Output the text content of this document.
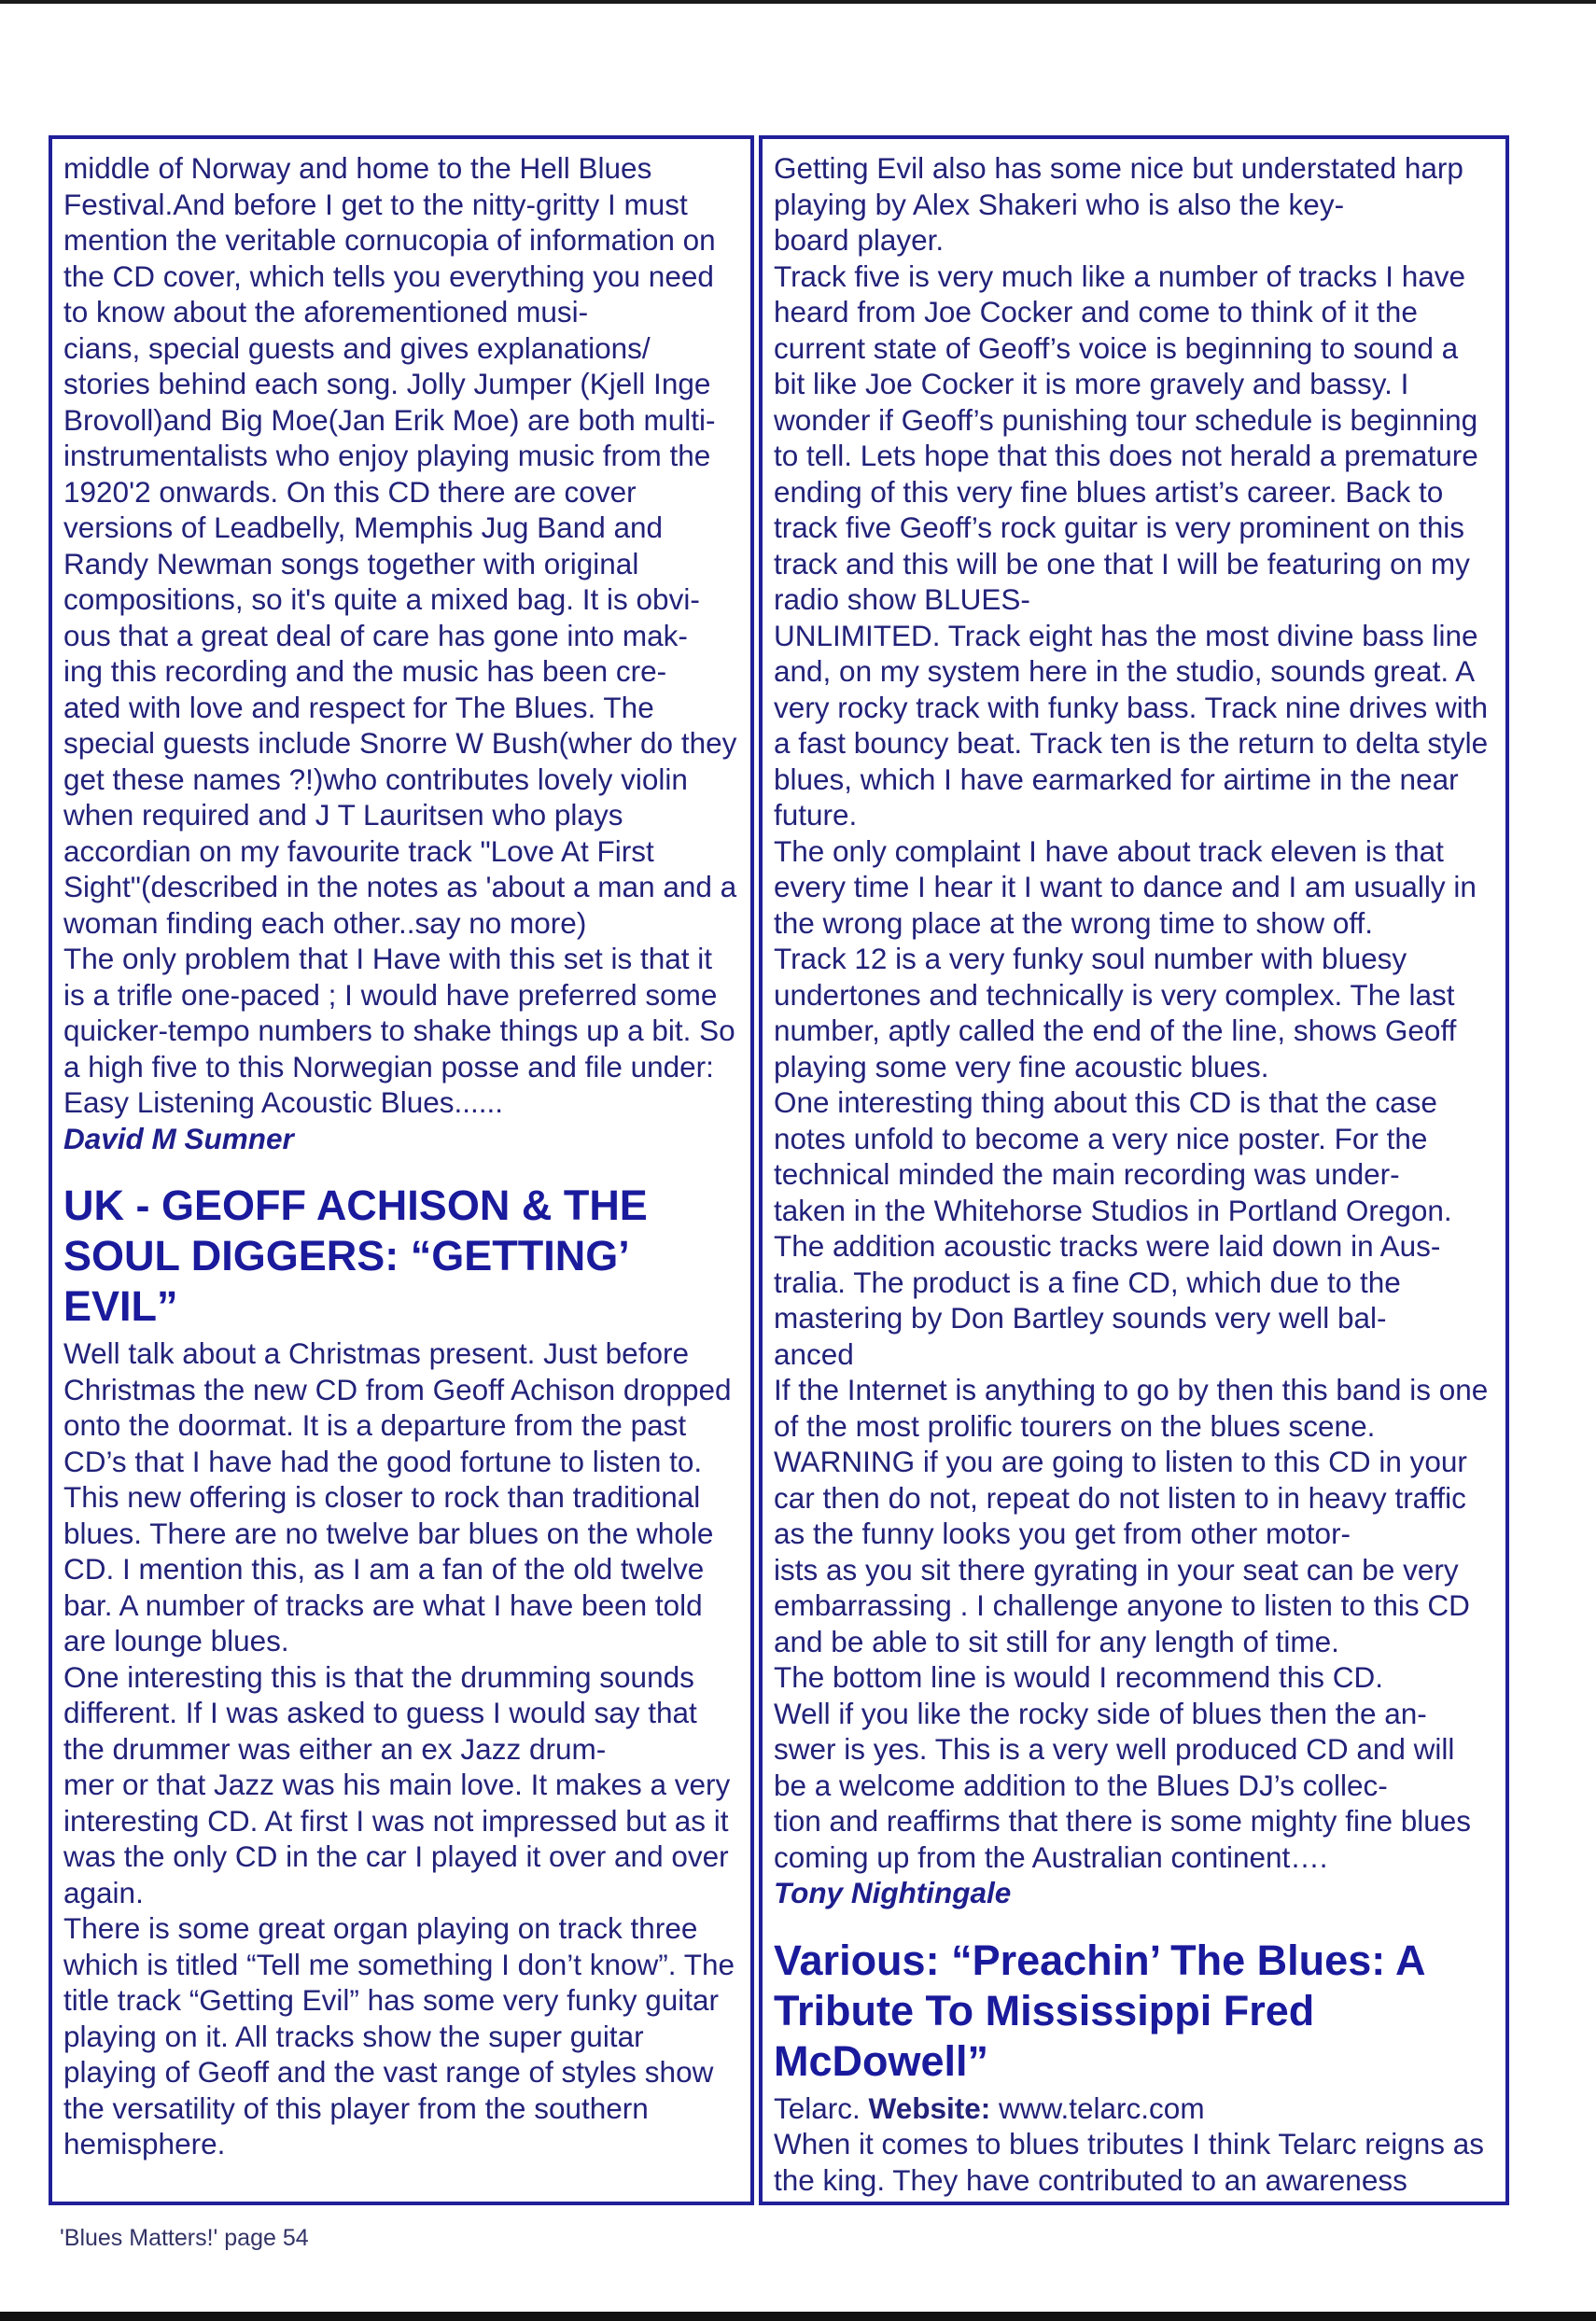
middle of Norway and home to the Hell Blues Festival.And before I get to the nitty-gritty I must mention the veritable cornucopia of information on the CD cover, which tells you everything you need to know about the aforementioned musi-
cians, special guests and gives explanations/
stories behind each song. Jolly Jumper (Kjell Inge Brovoll)and Big Moe(Jan Erik Moe) are both multi- instrumentalists who enjoy playing music from the 1920'2 onwards. On this CD there are cover versions of Leadbelly, Memphis Jug Band and Randy Newman songs together with original compositions, so it's quite a mixed bag. It is obvi-
ous that a great deal of care has gone into mak-
ing this recording and the music has been cre-
ated with love and respect for The Blues. The special guests include Snorre W Bush(wher do they get these names ?!)who contributes lovely violin when required and J T Lauritsen who plays accordian on my favourite track "Love At First Sight"(described in the notes as 'about a man and a woman finding each other..say no more)

The only problem that I Have with this set is that it is a trifle one-paced ; I would have preferred some quicker-tempo numbers to shake things up a bit. So a high five to this Norwegian posse and file under: Easy Listening Acoustic Blues......

David M Sumner

UK - GEOFF ACHISON & THE SOUL DIGGERS: “GETTING’ EVIL”

Well talk about a Christmas present. Just before Christmas the new CD from Geoff Achison dropped onto the doormat. It is a departure from the past CD’s that I have had the good fortune to listen to.

This new offering is closer to rock than traditional blues. There are no twelve bar blues on the whole CD. I mention this, as I am a fan of the old twelve bar. A number of tracks are what I have been told are lounge blues.

One interesting this is that the drumming sounds different. If I was asked to guess I would say that the drummer was either an ex Jazz drum-
mer or that Jazz was his main love. It makes a very interesting CD. At first I was not impressed but as it was the only CD in the car I played it over and over again.

There is some great organ playing on track three which is titled “Tell me something I don’t know”. The title track “Getting Evil” has some very funky guitar playing on it. All tracks show the super guitar playing of Geoff and the vast range of styles show the versatility of this player from the southern hemisphere.

Getting Evil also has some nice but understated harp playing by Alex Shakeri who is also the key-
board player.

Track five is very much like a number of tracks I have heard from Joe Cocker and come to think of it the current state of Geoff’s voice is beginning to sound a bit like Joe Cocker it is more gravely and bassy. I wonder if Geoff’s punishing tour schedule is beginning to tell. Lets hope that this does not herald a premature ending of this very fine blues artist’s career. Back to track five Geoff’s rock guitar is very prominent on this track and this will be one that I will be featuring on my radio show BLUES-
UNLIMITED. Track eight has the most divine bass line and, on my system here in the studio, sounds great. A very rocky track with funky bass. Track nine drives with a fast bouncy beat. Track ten is the return to delta style blues, which I have earmarked for airtime in the near future.

The only complaint I have about track eleven is that every time I hear it I want to dance and I am usually in the wrong place at the wrong time to show off.

Track 12 is a very funky soul number with bluesy undertones and technically is very complex. The last number, aptly called the end of the line, shows Geoff playing some very fine acoustic blues.

One interesting thing about this CD is that the case notes unfold to become a very nice poster. For the technical minded the main recording was under-
taken in the Whitehorse Studios in Portland Oregon. The addition acoustic tracks were laid down in Aus-
tralia. The product is a fine CD, which due to the mastering by Don Bartley sounds very well bal-
anced

If the Internet is anything to go by then this band is one of the most prolific tourers on the blues scene. WARNING if you are going to listen to this CD in your car then do not, repeat do not listen to in heavy traffic as the funny looks you get from other motor-
ists as you sit there gyrating in your seat can be very embarrassing . I challenge anyone to listen to this CD and be able to sit still for any length of time.

The bottom line is would I recommend this CD.

Well if you like the rocky side of blues then the an-
swer is yes. This is a very well produced CD and will be a welcome addition to the Blues DJ’s collec-
tion and reaffirms that there is some mighty fine blues coming up from the Australian continent….

Tony Nightingale

Various: “Preachin’ The Blues: A Tribute To Mississippi Fred McDowell”

Telarc. Website: www.telarc.com

When it comes to blues tributes I think Telarc reigns as the king. They have contributed to an awareness

'Blues Matters!' page 54
